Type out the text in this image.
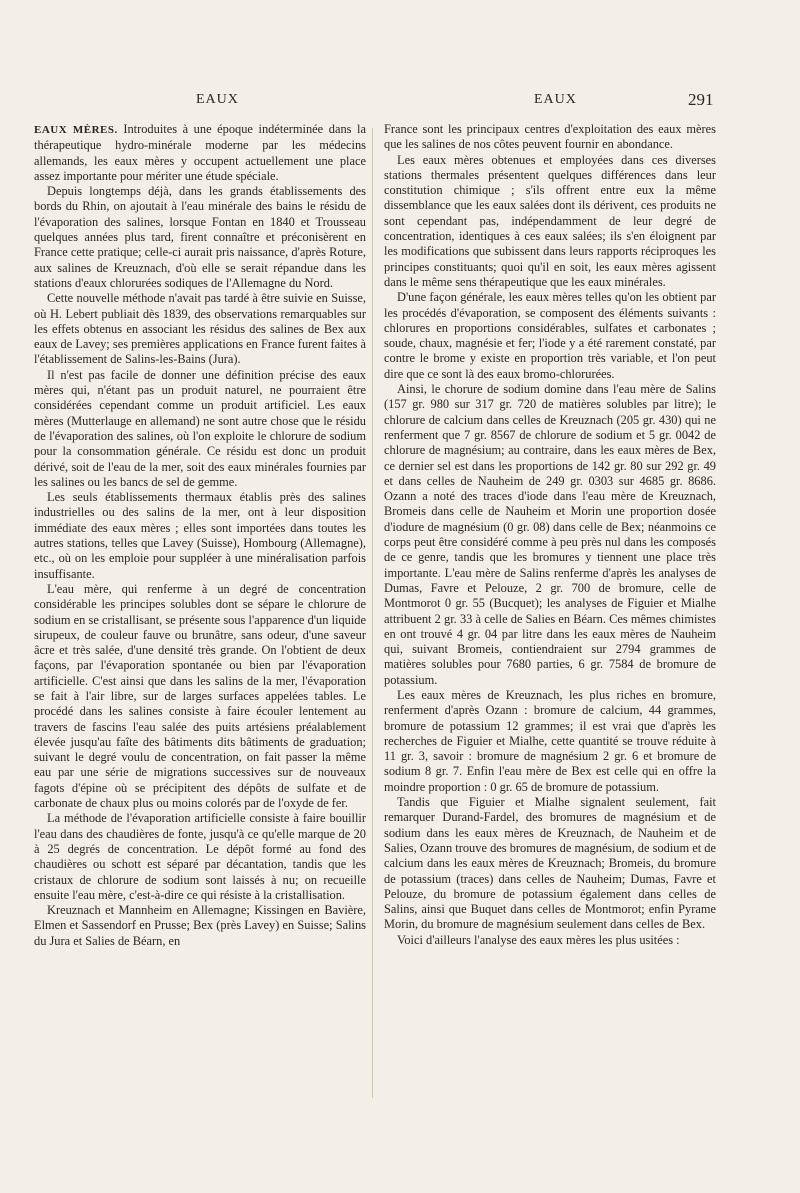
EAUX	EAUX	291

EAUX MÈRES. Introduites à une époque indéterminée dans la thérapeutique hydro-minérale moderne par les médecins allemands, les eaux mères y occupent actuellement une place assez importante pour mériter une étude spéciale.

Depuis longtemps déjà, dans les grands établissements des bords du Rhin, on ajoutait à l'eau minérale des bains le résidu de l'évaporation des salines, lorsque Fontan en 1840 et Trousseau quelques années plus tard, firent connaître et préconisèrent en France cette pratique; celle-ci aurait pris naissance, d'après Roture, aux salines de Kreuznach, d'où elle se serait répandue dans les stations d'eaux chlorurées sodiques de l'Allemagne du Nord.

Cette nouvelle méthode n'avait pas tardé à être suivie en Suisse, où H. Lebert publiait dès 1839, des observations remarquables sur les effets obtenus en associant les résidus des salines de Bex aux eaux de Lavey; ses premières applications en France furent faites à l'établissement de Salins-les-Bains (Jura).

Il n'est pas facile de donner une définition précise des eaux mères qui, n'étant pas un produit naturel, ne pourraient être considérées cependant comme un produit artificiel. Les eaux mères (Mutterlauge en allemand) ne sont autre chose que le résidu de l'évaporation des salines, où l'on exploite le chlorure de sodium pour la consommation générale. Ce résidu est donc un produit dérivé, soit de l'eau de la mer, soit des eaux minérales fournies par les salines ou les bancs de sel de gemme.

Les seuls établissements thermaux établis près des salines industrielles ou des salins de la mer, ont à leur disposition immédiate des eaux mères ; elles sont importées dans toutes les autres stations, telles que Lavey (Suisse), Hombourg (Allemagne), etc., où on les emploie pour suppléer à une minéralisation parfois insuffisante.

L'eau mère, qui renferme à un degré de concentration considérable les principes solubles dont se sépare le chlorure de sodium en se cristallisant, se présente sous l'apparence d'un liquide sirupeux, de couleur fauve ou brunâtre, sans odeur, d'une saveur âcre et très salée, d'une densité très grande. On l'obtient de deux façons, par l'évaporation spontanée ou bien par l'évaporation artificielle. C'est ainsi que dans les salins de la mer, l'évaporation se fait à l'air libre, sur de larges surfaces appelées tables. Le procédé dans les salines consiste à faire écouler lentement au travers de fascins l'eau salée des puits artésiens préalablement élevée jusqu'au faîte des bâtiments dits bâtiments de graduation; suivant le degré voulu de concentration, on fait passer la même eau par une série de migrations successives sur de nouveaux fagots d'épine où se précipitent des dépôts de sulfate et de carbonate de chaux plus ou moins colorés par de l'oxyde de fer.

La méthode de l'évaporation artificielle consiste à faire bouillir l'eau dans des chaudières de fonte, jusqu'à ce qu'elle marque de 20 à 25 degrés de concentration. Le dépôt formé au fond des chaudières ou schott est séparé par décantation, tandis que les cristaux de chlorure de sodium sont laissés à nu; on recueille ensuite l'eau mère, c'est-à-dire ce qui résiste à la cristallisation.

Kreuznach et Mannheim en Allemagne; Kissingen en Bavière, Elmen et Sassendorf en Prusse; Bex (près Lavey) en Suisse; Salins du Jura et Salies de Béarn, en

France sont les principaux centres d'exploitation des eaux mères que les salines de nos côtes peuvent fournir en abondance.

Les eaux mères obtenues et employées dans ces diverses stations thermales présentent quelques différences dans leur constitution chimique ; s'ils offrent entre eux la même dissemblance que les eaux salées dont ils dérivent, ces produits ne sont cependant pas, indépendamment de leur degré de concentration, identiques à ces eaux salées; ils s'en éloignent par les modifications que subissent dans leurs rapports réciproques les principes constituants; quoi qu'il en soit, les eaux mères agissent dans le même sens thérapeutique que les eaux minérales.

D'une façon générale, les eaux mères telles qu'on les obtient par les procédés d'évaporation, se composent des éléments suivants : chlorures en proportions considérables, sulfates et carbonates ; soude, chaux, magnésie et fer; l'iode y a été rarement constaté, par contre le brome y existe en proportion très variable, et l'on peut dire que ce sont là des eaux bromo-chlorurées.

Ainsi, le chorure de sodium domine dans l'eau mère de Salins (157 gr. 980 sur 317 gr. 720 de matières solubles par litre); le chlorure de calcium dans celles de Kreuznach (205 gr. 430) qui ne renferment que 7 gr. 8567 de chlorure de sodium et 5 gr. 0042 de chlorure de magnésium; au contraire, dans les eaux mères de Bex, ce dernier sel est dans les proportions de 142 gr. 80 sur 292 gr. 49 et dans celles de Nauheim de 249 gr. 0303 sur 4685 gr. 8686. Ozann a noté des traces d'iode dans l'eau mère de Kreuznach, Bromeis dans celle de Nauheim et Morin une proportion dosée d'iodure de magnésium (0 gr. 08) dans celle de Bex; néanmoins ce corps peut être considéré comme à peu près nul dans les composés de ce genre, tandis que les bromures y tiennent une place très importante. L'eau mère de Salins renferme d'après les analyses de Dumas, Favre et Pelouze, 2 gr. 700 de bromure, celle de Montmorot 0 gr. 55 (Bucquet); les analyses de Figuier et Mialhe attribuent 2 gr. 33 à celle de Salies en Béarn. Ces mêmes chimistes en ont trouvé 4 gr. 04 par litre dans les eaux mères de Nauheim qui, suivant Bromeis, contiendraient sur 2794 grammes de matières solubles pour 7680 parties, 6 gr. 7584 de bromure de potassium.

Les eaux mères de Kreuznach, les plus riches en bromure, renferment d'après Ozann : bromure de calcium, 44 grammes, bromure de potassium 12 grammes; il est vrai que d'après les recherches de Figuier et Mialhe, cette quantité se trouve réduite à 11 gr. 3, savoir : bromure de magnésium 2 gr. 6 et bromure de sodium 8 gr. 7. Enfin l'eau mère de Bex est celle qui en offre la moindre proportion : 0 gr. 65 de bromure de potassium.

Tandis que Figuier et Mialhe signalent seulement, fait remarquer Durand-Fardel, des bromures de magnésium et de sodium dans les eaux mères de Kreuznach, de Nauheim et de Salies, Ozann trouve des bromures de magnésium, de sodium et de calcium dans les eaux mères de Kreuznach; Bromeis, du bromure de potassium (traces) dans celles de Nauheim; Dumas, Favre et Pelouze, du bromure de potassium également dans celles de Salins, ainsi que Buquet dans celles de Montmorot; enfin Pyrame Morin, du bromure de magnésium seulement dans celles de Bex.

Voici d'ailleurs l'analyse des eaux mères les plus usitées :
